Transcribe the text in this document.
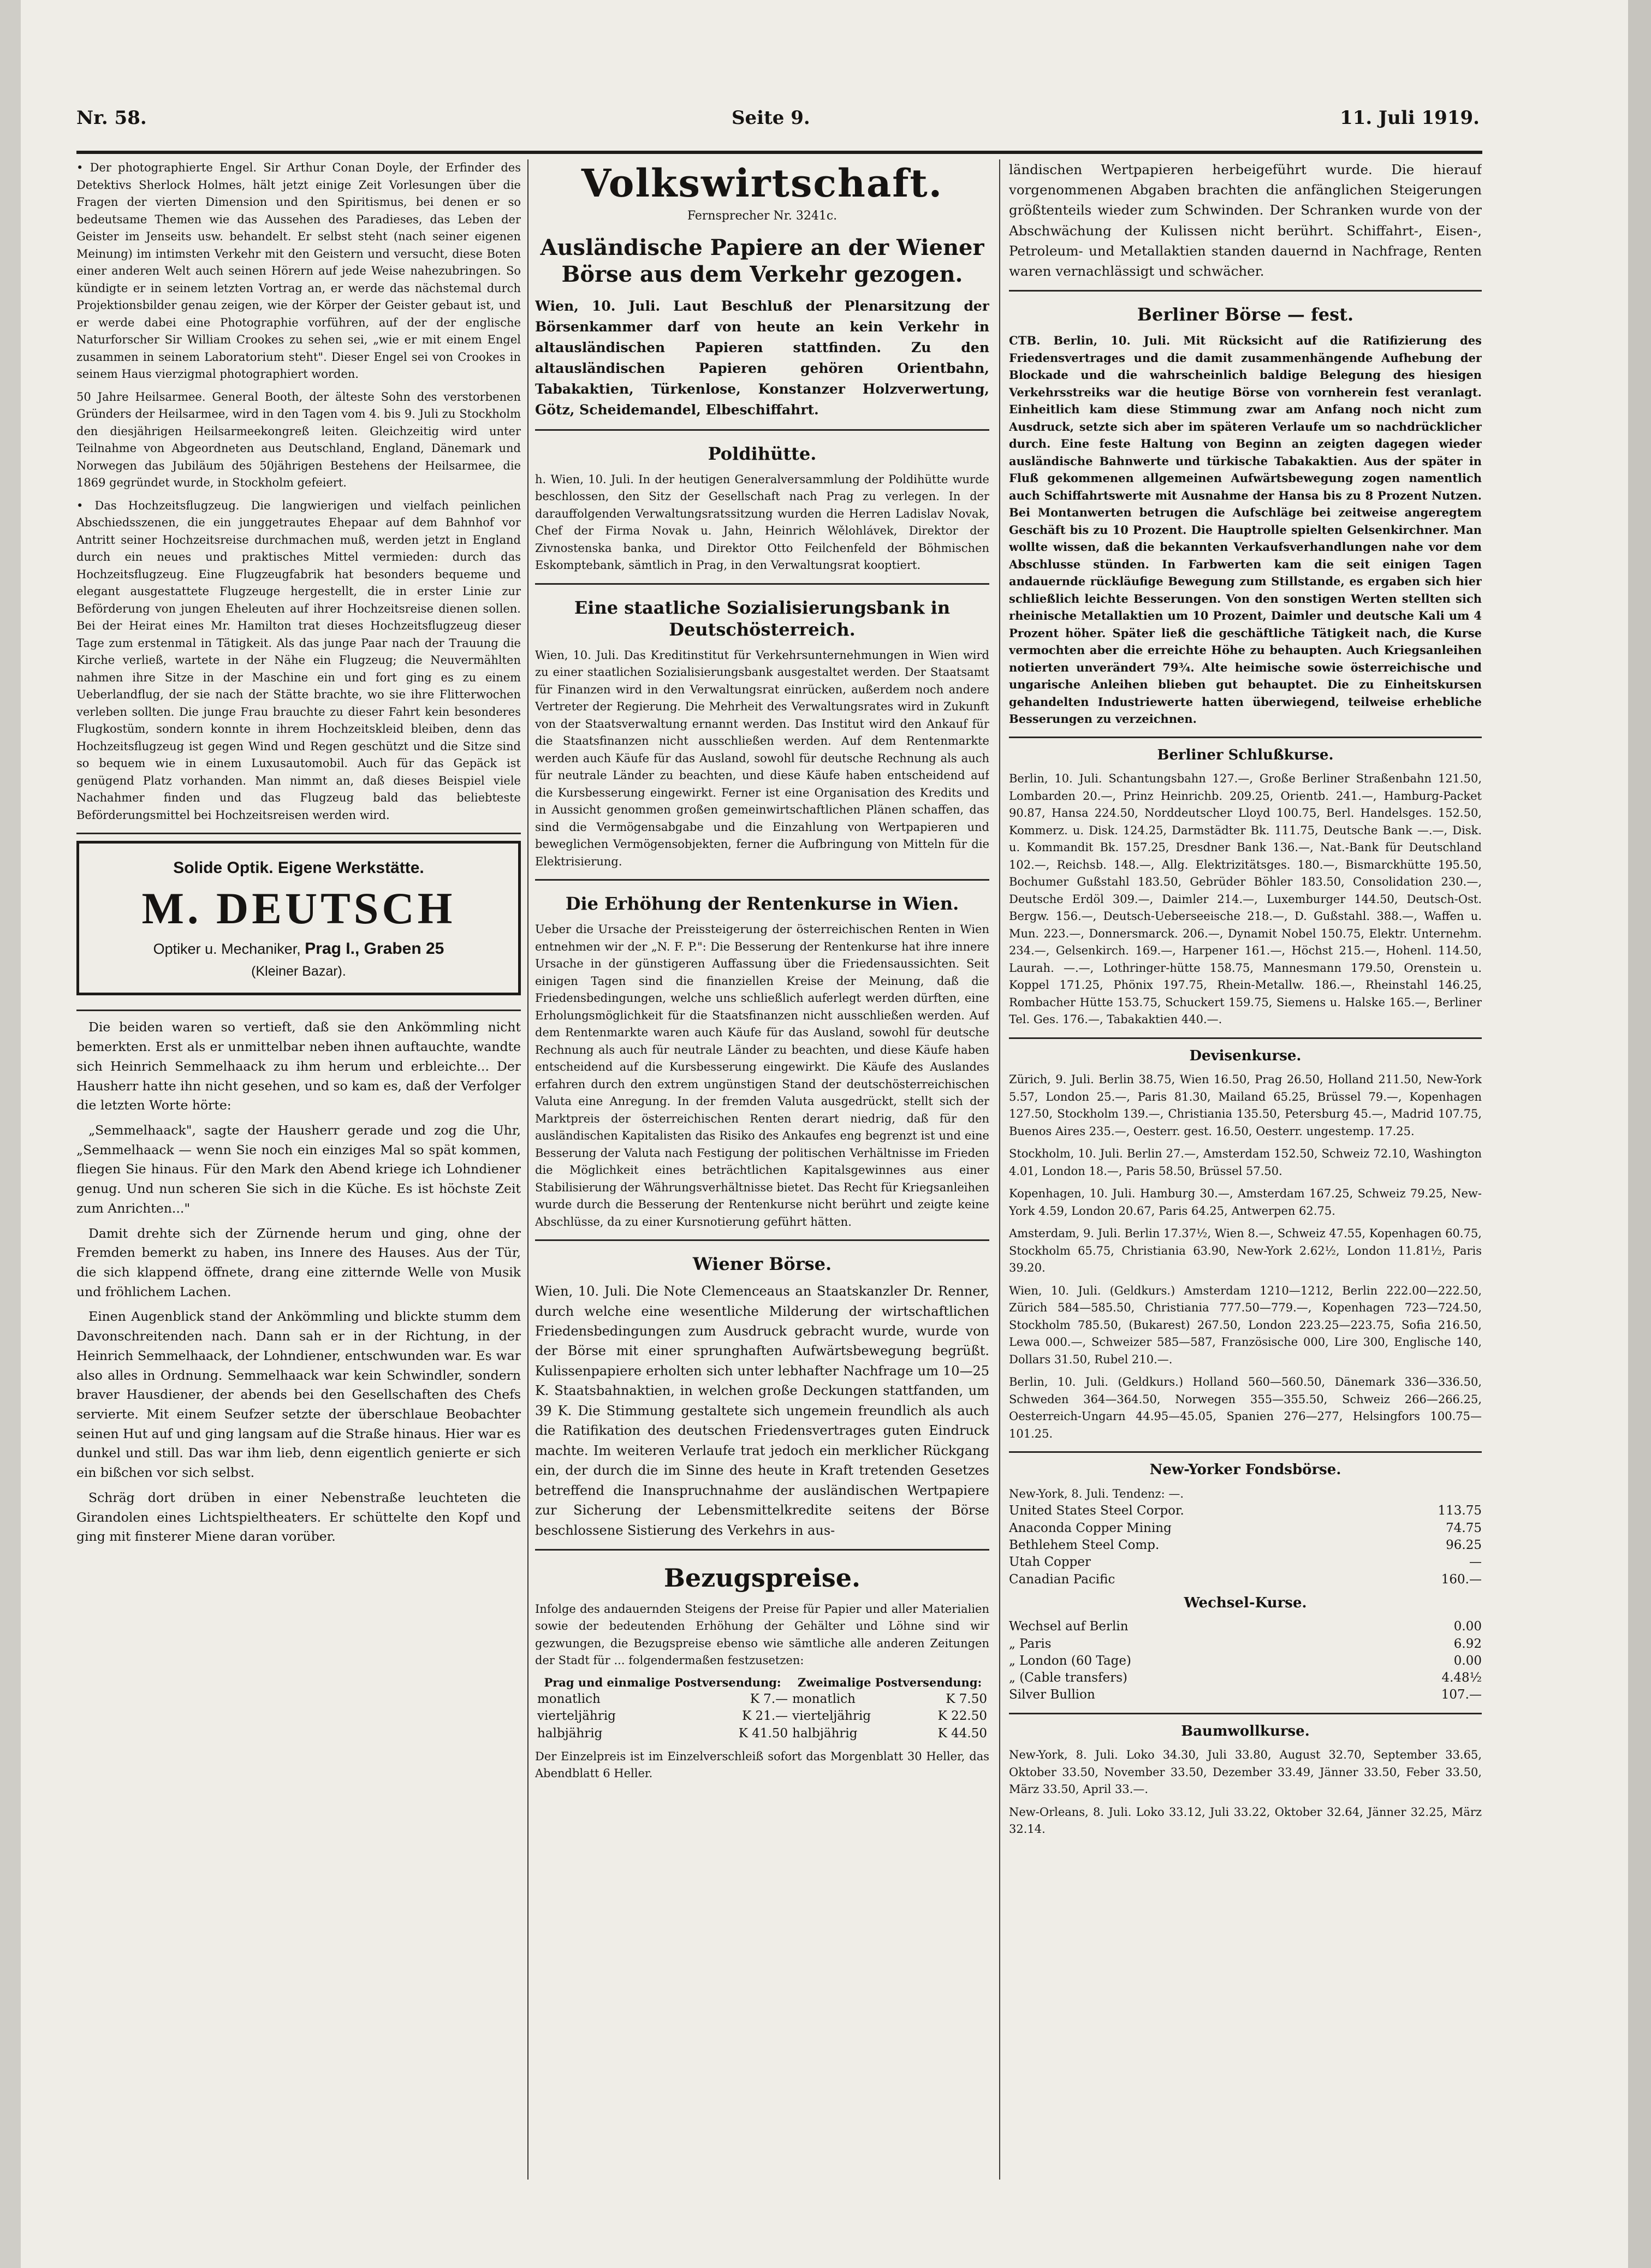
Nr. 58.	Seite 9.	11. Juli 1919.

• Der photographierte Engel. Sir Arthur Conan Doyle, der Erfinder des Detektivs Sherlock Holmes, hält jetzt einige Zeit Vorlesungen über die Fragen der vierten Dimension und den Spiritismus, bei denen er so bedeutsame Themen wie das Aussehen des Paradieses, das Leben der Geister im Jenseits usw. behandelt. Er selbst steht (nach seiner eigenen Meinung) im intimsten Verkehr mit den Geistern und versucht, diese Boten einer anderen Welt auch seinen Hörern auf jede Weise nahezubringen. So kündigte er in seinem letzten Vortrag an, er werde das nächstemal durch Projektionsbilder genau zeigen, wie der Körper der Geister gebaut ist, und er werde dabei eine Photographie vorführen, auf der der englische Naturforscher Sir William Crookes zu sehen sei, „wie er mit einem Engel zusammen in seinem Laboratorium steht". Dieser Engel sei von Crookes in seinem Haus vierzigmal photographiert worden.

50 Jahre Heilsarmee. General Booth, der älteste Sohn des verstorbenen Gründers der Heilsarmee, wird in den Tagen vom 4. bis 9. Juli zu Stockholm den diesjährigen Heilsarmeekongreß leiten. Gleichzeitig wird unter Teilnahme von Abgeordneten aus Deutschland, England, Dänemark und Norwegen das Jubiläum des 50jährigen Bestehens der Heilsarmee, die 1869 gegründet wurde, in Stockholm gefeiert.

• Das Hochzeitsflugzeug. Die langwierigen und vielfach peinlichen Abschiedsszenen, die ein junggetrautes Ehepaar auf dem Bahnhof vor Antritt seiner Hochzeitsreise durchmachen muß, werden jetzt in England durch ein neues und praktisches Mittel vermieden: durch das Hochzeitsflugzeug. Eine Flugzeugfabrik hat besonders bequeme und elegant ausgestattete Flugzeuge hergestellt, die in erster Linie zur Beförderung von jungen Eheleuten auf ihrer Hochzeitsreise dienen sollen. Bei der Heirat eines Mr. Hamilton trat dieses Hochzeitsflugzeug dieser Tage zum erstenmal in Tätigkeit. Als das junge Paar nach der Trauung die Kirche verließ, wartete in der Nähe ein Flugzeug; die Neuvermählten nahmen ihre Sitze in der Maschine ein und fort ging es zu einem Ueberlandflug, der sie nach der Stätte brachte, wo sie ihre Flitterwochen verleben sollten. Die junge Frau brauchte zu dieser Fahrt kein besonderes Flugkostüm, sondern konnte in ihrem Hochzeitskleid bleiben, denn das Hochzeitsflugzeug ist gegen Wind und Regen geschützt und die Sitze sind so bequem wie in einem Luxusautomobil. Auch für das Gepäck ist genügend Platz vorhanden. Man nimmt an, daß dieses Beispiel viele Nachahmer finden und das Flugzeug bald das beliebteste Beförderungsmittel bei Hochzeitsreisen werden wird.

Solide Optik. Eigene Werkstätte.
M. DEUTSCH
Optiker u. Mechaniker, Prag I., Graben 25
(Kleiner Bazar).

Die beiden waren so vertieft, daß sie den Ankömmling nicht bemerkten. Erst als er unmittelbar neben ihnen auftauchte, wandte sich Heinrich Semmelhaack zu ihm herum und erbleichte... Der Hausherr hatte ihn nicht gesehen, und so kam es, daß der Verfolger die letzten Worte hörte:

„Semmelhaack", sagte der Hausherr gerade und zog die Uhr, „Semmelhaack — wenn Sie noch ein einziges Mal so spät kommen, fliegen Sie hinaus. Für den Mark den Abend kriege ich Lohndiener genug. Und nun scheren Sie sich in die Küche. Es ist höchste Zeit zum Anrichten..."

Damit drehte sich der Zürnende herum und ging, ohne der Fremden bemerkt zu haben, ins Innere des Hauses. Aus der Tür, die sich klappend öffnete, drang eine zitternde Welle von Musik und fröhlichem Lachen.

Einen Augenblick stand der Ankömmling und blickte stumm dem Davonschreitenden nach. Dann sah er in der Richtung, in der Heinrich Semmelhaack, der Lohndiener, entschwunden war. Es war also alles in Ordnung. Semmelhaack war kein Schwindler, sondern braver Hausdiener, der abends bei den Gesellschaften des Chefs servierte. Mit einem Seufzer setzte der überschlaue Beobachter seinen Hut auf und ging langsam auf die Straße hinaus. Hier war es dunkel und still. Das war ihm lieb, denn eigentlich genierte er sich ein bißchen vor sich selbst.

Schräg dort drüben in einer Nebenstraße leuchteten die Girandolen eines Lichtspieltheaters. Er schüttelte den Kopf und ging mit finsterer Miene daran vorüber.

Volkswirtschaft.
Fernsprecher Nr. 3241c.
Ausländische Papiere an der Wiener Börse aus dem Verkehr gezogen.

Wien, 10. Juli. Laut Beschluß der Plenarsitzung der Börsenkammer darf von heute an kein Verkehr in altausländischen Papieren stattfinden. Zu den altausländischen Papieren gehören Orientbahn, Tabakaktien, Türkenlose, Konstanzer Holzverwertung, Götz, Scheidemandel, Elbeschiffahrt.

Poldihütte.

h. Wien, 10. Juli. In der heutigen Generalversammlung der Poldihütte wurde beschlossen, den Sitz der Gesellschaft nach Prag zu verlegen. In der darauffolgenden Verwaltungsratssitzung wurden die Herren Ladislav Novak, Chef der Firma Novak u. Jahn, Heinrich Wělohlávek, Direktor der Zivnostenska banka, und Direktor Otto Feilchenfeld der Böhmischen Eskomptebank, sämtlich in Prag, in den Verwaltungsrat kooptiert.

Eine staatliche Sozialisierungsbank in Deutschösterreich.

Wien, 10. Juli. Das Kreditinstitut für Verkehrsunternehmungen in Wien wird zu einer staatlichen Sozialisierungsbank ausgestaltet werden. Der Staatsamt für Finanzen wird in den Verwaltungsrat einrücken, außerdem noch andere Vertreter der Regierung. Die Mehrheit des Verwaltungsrates wird in Zukunft von der Staatsverwaltung ernannt werden. Das Institut wird den Ankauf für die Staatsfinanzen nicht ausschließen werden. Auf dem Rentenmarkte werden auch Käufe für das Ausland, sowohl für deutsche Rechnung als auch für neutrale Länder zu beachten, und diese Käufe haben entscheidend auf die Kursbesserung eingewirkt. Ferner ist eine Organisation des Kredits und in Aussicht genommen großen gemeinwirtschaftlichen Plänen schaffen, das sind die Vermögensabgabe und die Einzahlung von Wertpapieren und beweglichen Vermögensobjekten, ferner die Aufbringung von Mitteln für die Elektrisierung.

Die Erhöhung der Rentenkurse in Wien.

Ueber die Ursache der Preissteigerung der österreichischen Renten in Wien entnehmen wir der „N. F. P.": Die Besserung der Rentenkurse hat ihre innere Ursache in der günstigeren Auffassung über die Friedensaussichten. Seit einigen Tagen sind die finanziellen Kreise der Meinung, daß die Friedensbedingungen, welche uns schließlich auferlegt werden dürften, eine Erholungsmöglichkeit für die Staatsfinanzen nicht ausschließen werden. Auf dem Rentenmarkte waren auch Käufe für das Ausland, sowohl für deutsche Rechnung als auch für neutrale Länder zu beachten, und diese Käufe haben entscheidend auf die Kursbesserung eingewirkt. Die Käufe des Auslandes erfahren durch den extrem ungünstigen Stand der deutschösterreichischen Valuta eine Anregung. In der fremden Valuta ausgedrückt, stellt sich der Marktpreis der österreichischen Renten derart niedrig, daß für den ausländischen Kapitalisten das Risiko des Ankaufes eng begrenzt ist und eine Besserung der Valuta nach Festigung der politischen Verhältnisse im Frieden die Möglichkeit eines beträchtlichen Kapitalsgewinnes aus einer Stabilisierung der Währungsverhältnisse bietet. Das Recht für Kriegsanleihen wurde durch die Besserung der Rentenkurse nicht berührt und zeigte keine Abschlüsse, da zu einer Kursnotierung geführt hätten.

Wiener Börse.

Wien, 10. Juli. Die Note Clemenceaus an Staatskanzler Dr. Renner, durch welche eine wesentliche Milderung der wirtschaftlichen Friedensbedingungen zum Ausdruck gebracht wurde, wurde von der Börse mit einer sprunghaften Aufwärtsbewegung begrüßt. Kulissenpapiere erholten sich unter lebhafter Nachfrage um 10—25 K. Staatsbahnaktien, in welchen große Deckungen stattfanden, um 39 K. Die Stimmung gestaltete sich ungemein freundlich als auch die Ratifikation des deutschen Friedensvertrages guten Eindruck machte. Im weiteren Verlaufe trat jedoch ein merklicher Rückgang ein, der durch die im Sinne des heute in Kraft tretenden Gesetzes betreffend die Inanspruchnahme der ausländischen Wertpapiere zur Sicherung der Lebensmittelkredite seitens der Börse beschlossene Sistierung des Verkehrs in aus-

Bezugspreise.

Infolge des andauernden Steigens der Preise für Papier und aller Materialien sowie der bedeutenden Erhöhung der Gehälter und Löhne sind wir gezwungen, die Bezugspreise ebenso wie sämtliche alle anderen Zeitungen der Stadt für ... folgendermaßen festzusetzen:

Prag und einmalige Postversendung:		Zweimalige Postversendung:	
monatlich	K 7.—	monatlich	K 7.50
vierteljährig	K 21.—	vierteljährig	K 22.50
halbjährig	K 41.50	halbjährig	K 44.50

Der Einzelpreis ist im Einzelverschleiß sofort das Morgenblatt 30 Heller, das Abendblatt 6 Heller.

ländischen Wertpapieren herbeigeführt wurde. Die hierauf vorgenommenen Abgaben brachten die anfänglichen Steigerungen größtenteils wieder zum Schwinden. Der Schranken wurde von der Abschwächung der Kulissen nicht berührt. Schiffahrt-, Eisen-, Petroleum- und Metallaktien standen dauernd in Nachfrage, Renten waren vernachlässigt und schwächer.

Berliner Börse — fest.

CTB. Berlin, 10. Juli. Mit Rücksicht auf die Ratifizierung des Friedensvertrages und die damit zusammenhängende Aufhebung der Blockade und die wahrscheinlich baldige Belegung des hiesigen Verkehrsstreiks war die heutige Börse von vornherein fest veranlagt. Einheitlich kam diese Stimmung zwar am Anfang noch nicht zum Ausdruck, setzte sich aber im späteren Verlaufe um so nachdrücklicher durch. Eine feste Haltung von Beginn an zeigten dagegen wieder ausländische Bahnwerte und türkische Tabakaktien. Aus der später in Fluß gekommenen allgemeinen Aufwärtsbewegung zogen namentlich auch Schiffahrtswerte mit Ausnahme der Hansa bis zu 8 Prozent Nutzen. Bei Montanwerten betrugen die Aufschläge bei zeitweise angeregtem Geschäft bis zu 10 Prozent. Die Hauptrolle spielten Gelsenkirchner. Man wollte wissen, daß die bekannten Verkaufsverhandlungen nahe vor dem Abschlusse stünden. In Farbwerten kam die seit einigen Tagen andauernde rückläufige Bewegung zum Stillstande, es ergaben sich hier schließlich leichte Besserungen. Von den sonstigen Werten stellten sich rheinische Metallaktien um 10 Prozent, Daimler und deutsche Kali um 4 Prozent höher. Später ließ die geschäftliche Tätigkeit nach, die Kurse vermochten aber die erreichte Höhe zu behaupten. Auch Kriegsanleihen notierten unverändert 79¾. Alte heimische sowie österreichische und ungarische Anleihen blieben gut behauptet. Die zu Einheitskursen gehandelten Industriewerte hatten überwiegend, teilweise erhebliche Besserungen zu verzeichnen.

Berliner Schlußkurse.

Berlin, 10. Juli. Schantungsbahn 127.—, Große Berliner Straßenbahn 121.50, Lombarden 20.—, Prinz Heinrichb. 209.25, Orientb. 241.—, Hamburg-Packet 90.87, Hansa 224.50, Norddeutscher Lloyd 100.75, Berl. Handelsges. 152.50, Kommerz. u. Disk. 124.25, Darmstädter Bk. 111.75, Deutsche Bank —.—, Disk. u. Kommandit Bk. 157.25, Dresdner Bank 136.—, Nat.-Bank für Deutschland 102.—, Reichsb. 148.—, Allg. Elektrizitätsges. 180.—, Bismarckhütte 195.50, Bochumer Gußstahl 183.50, Gebrüder Böhler 183.50, Consolidation 230.—, Deutsche Erdöl 309.—, Daimler 214.—, Luxemburger 144.50, Deutsch-Ost. Bergw. 156.—, Deutsch-Ueberseeische 218.—, D. Gußstahl. 388.—, Waffen u. Mun. 223.—, Donnersmarck. 206.—, Dynamit Nobel 150.75, Elektr. Unternehm. 234.—, Gelsenkirch. 169.—, Harpener 161.—, Höchst 215.—, Hohenl. 114.50, Laurah. —.—, Lothringer-hütte 158.75, Mannesmann 179.50, Orenstein u. Koppel 171.25, Phönix 197.75, Rhein-Metallw. 186.—, Rheinstahl 146.25, Rombacher Hütte 153.75, Schuckert 159.75, Siemens u. Halske 165.—, Berliner Tel. Ges. 176.—, Tabakaktien 440.—.

Devisenkurse.

Zürich, 9. Juli. Berlin 38.75, Wien 16.50, Prag 26.50, Holland 211.50, New-York 5.57, London 25.—, Paris 81.30, Mailand 65.25, Brüssel 79.—, Kopenhagen 127.50, Stockholm 139.—, Christiania 135.50, Petersburg 45.—, Madrid 107.75, Buenos Aires 235.—, Oesterr. gest. 16.50, Oesterr. ungestemp. 17.25.

Stockholm, 10. Juli. Berlin 27.—, Amsterdam 152.50, Schweiz 72.10, Washington 4.01, London 18.—, Paris 58.50, Brüssel 57.50.

Kopenhagen, 10. Juli. Hamburg 30.—, Amsterdam 167.25, Schweiz 79.25, New-York 4.59, London 20.67, Paris 64.25, Antwerpen 62.75.

Amsterdam, 9. Juli. Berlin 17.37½, Wien 8.—, Schweiz 47.55, Kopenhagen 60.75, Stockholm 65.75, Christiania 63.90, New-York 2.62½, London 11.81½, Paris 39.20.

Wien, 10. Juli. (Geldkurs.) Amsterdam 1210—1212, Berlin 222.00—222.50, Zürich 584—585.50, Christiania 777.50—779.—, Kopenhagen 723—724.50, Stockholm 785.50, (Bukarest) 267.50, London 223.25—223.75, Sofia 216.50, Lewa 000.—, Schweizer 585—587, Französische 000, Lire 300, Englische 140, Dollars 31.50, Rubel 210.—.

Berlin, 10. Juli. (Geldkurs.) Holland 560—560.50, Dänemark 336—336.50, Schweden 364—364.50, Norwegen 355—355.50, Schweiz 266—266.25, Oesterreich-Ungarn 44.95—45.05, Spanien 276—277, Helsingfors 100.75—101.25.

New-Yorker Fondsbörse.
New-York, 8. Juli. Tendenz: —.
United States Steel Corpor.	113.75
Anaconda Copper Mining	74.75
Bethlehem Steel Comp.	96.25
Utah Copper	—
Canadian Pacific	160.—
Wechsel-Kurse.
Wechsel auf Berlin	0.00
„ Paris	6.92
„ London (60 Tage)	0.00
„ (Cable transfers)	4.48½
Silver Bullion	107.—
Baumwollkurse.

New-York, 8. Juli. Loko 34.30, Juli 33.80, August 32.70, September 33.65, Oktober 33.50, November 33.50, Dezember 33.49, Jänner 33.50, Feber 33.50, März 33.50, April 33.—.

New-Orleans, 8. Juli. Loko 33.12, Juli 33.22, Oktober 32.64, Jänner 32.25, März 32.14.
